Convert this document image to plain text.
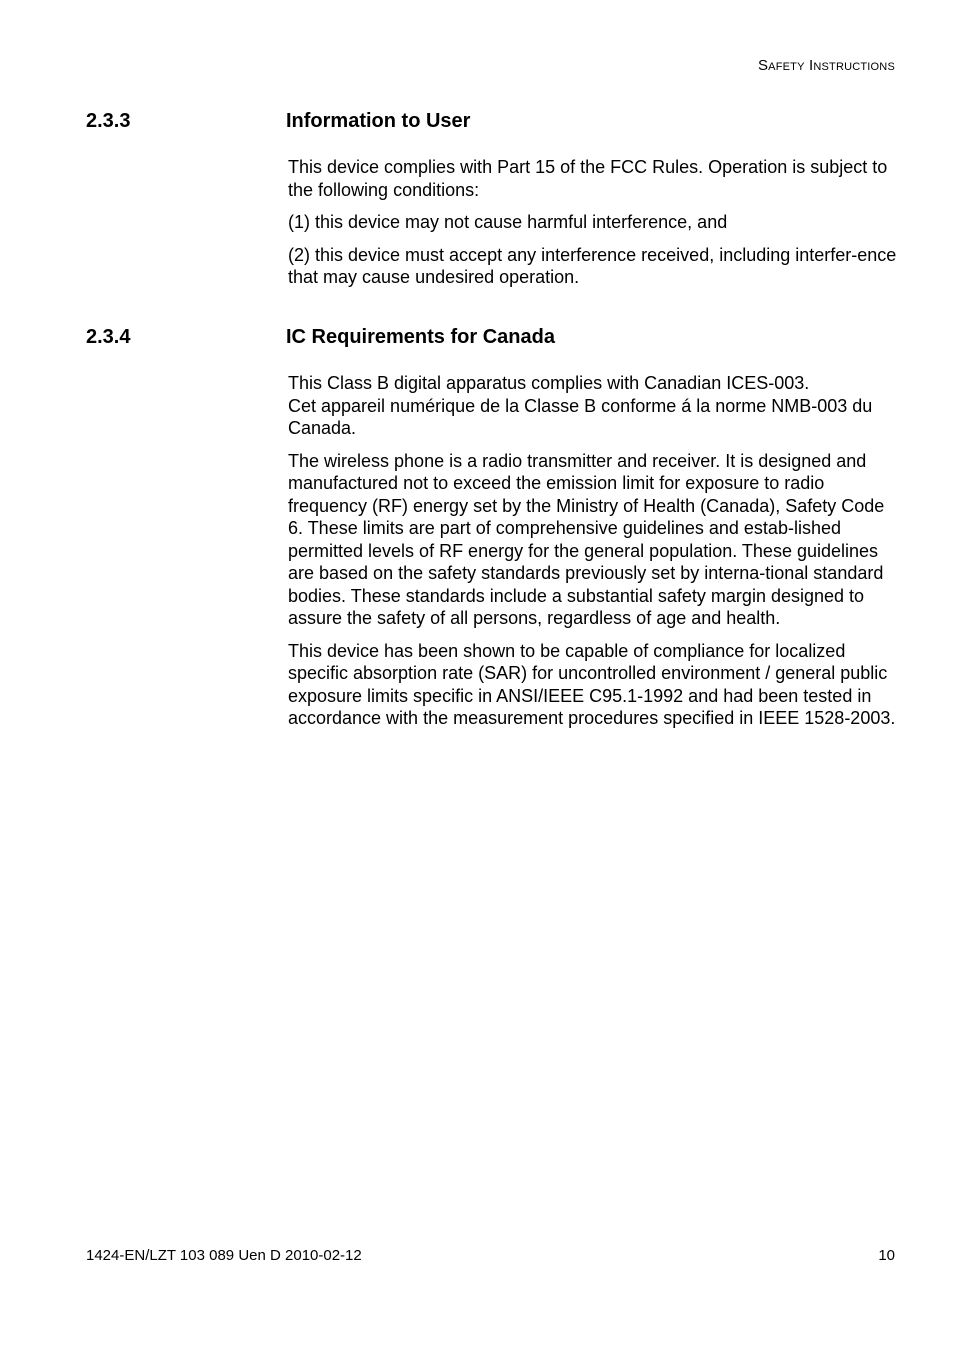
Safety Instructions
2.3.3	Information to User

This device complies with Part 15 of the FCC Rules. Operation is subject to the following conditions:

(1) this device may not cause harmful interference, and

(2) this device must accept any interference received, including interfer-ence that may cause undesired operation.

2.3.4	IC Requirements for Canada

This Class B digital apparatus complies with Canadian ICES-003.
Cet appareil numérique de la Classe B conforme á la norme NMB-003 du Canada.

The wireless phone is a radio transmitter and receiver. It is designed and manufactured not to exceed the emission limit for exposure to radio frequency (RF) energy set by the Ministry of Health (Canada), Safety Code 6. These limits are part of comprehensive guidelines and estab-lished permitted levels of RF energy for the general population. These guidelines are based on the safety standards previously set by interna-tional standard bodies. These standards include a substantial safety margin designed to assure the safety of all persons, regardless of age and health.

This device has been shown to be capable of compliance for localized specific absorption rate (SAR) for uncontrolled environment / general public exposure limits specific in ANSI/IEEE C95.1-1992 and had been tested in accordance with the measurement procedures specified in IEEE 1528-2003.

1424-EN/LZT 103 089 Uen D 2010-02-12	10
